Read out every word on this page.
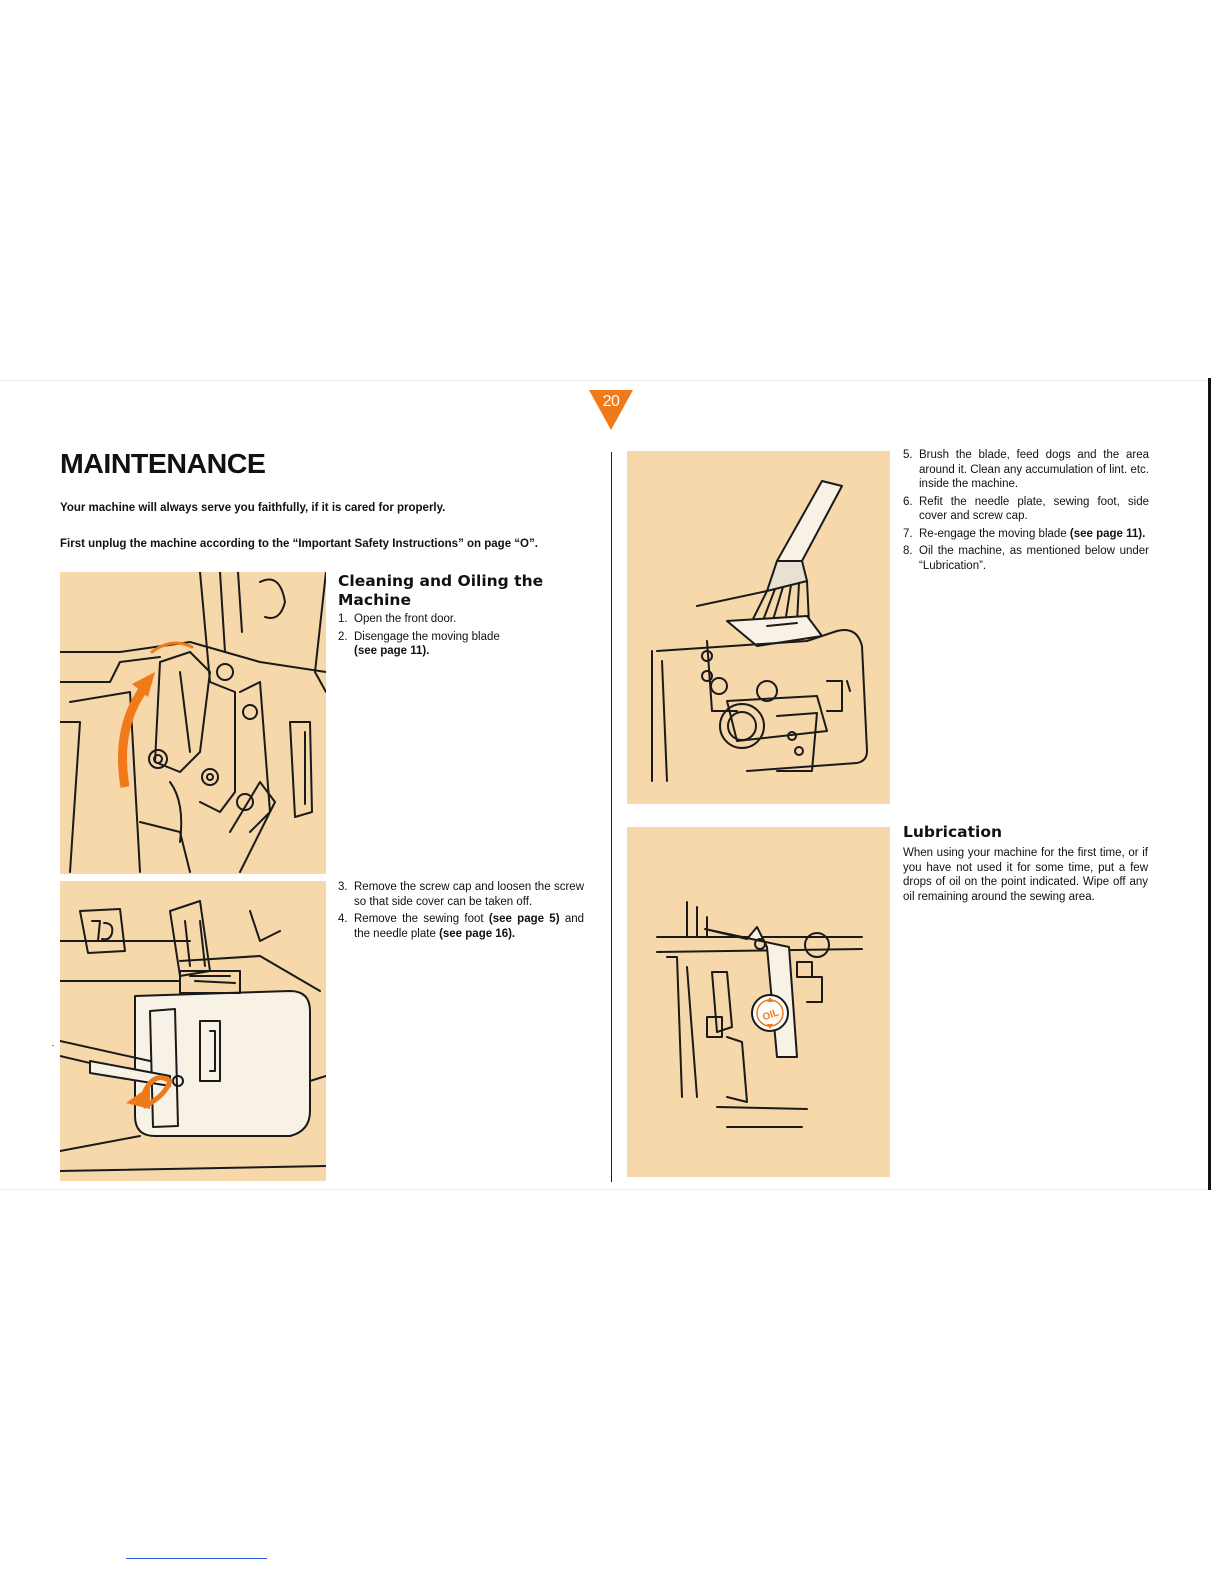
20
MAINTENANCE

Your machine will always serve you faithfully, if it is cared for properly.

First unplug the machine according to the “Important Safety Instructions” on page “O”.

OIL
Cleaning and Oiling the Machine
1. Open the front door.
2. Disengage the moving blade
(see page 11).
3. Remove the screw cap and loosen the screw so that side cover can be taken off.
4. Remove the sewing foot (see page 5) and the needle plate (see page 16).
5. Brush the blade, feed dogs and the area around it. Clean any accumulation of lint. etc. inside the machine.
6. Refit the needle plate, sewing foot, side cover and screw cap.
7. Re-engage the moving blade (see page 11).
8. Oil the machine, as mentioned below under “Lubrication”.
Lubrication

When using your machine for the first time, or if you have not used it for some time, put a few drops of oil on the point indicated. Wipe off any oil remaining around the sewing area.
